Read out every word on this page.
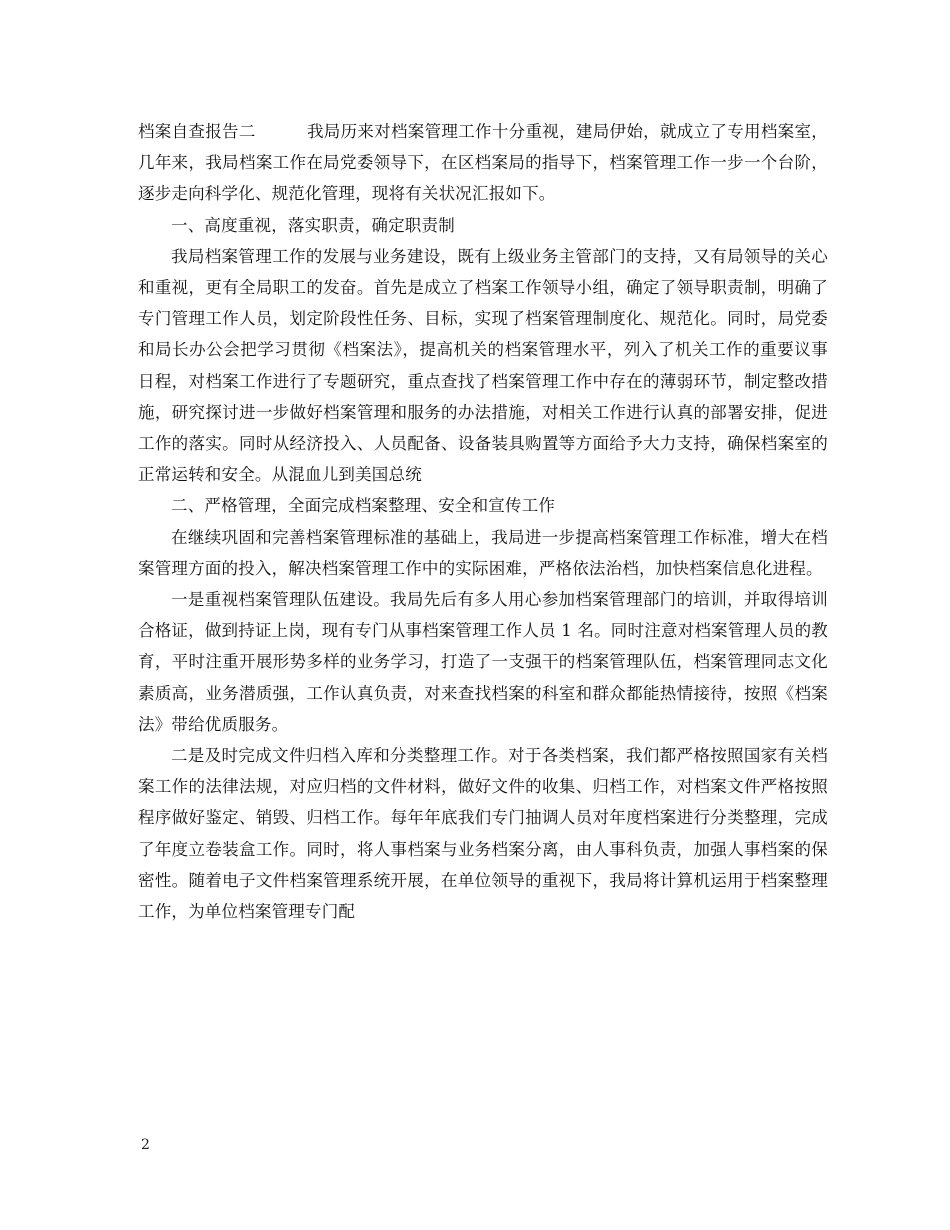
档案自查报告二	我局历来对档案管理工作十分重视，建局伊始，就成立了专用档案室，几年来，我局档案工作在局党委领导下，在区档案局的指导下，档案管理工作一步一个台阶，逐步走向科学化、规范化管理，现将有关状况汇报如下。

一、高度重视，落实职责，确定职责制

我局档案管理工作的发展与业务建设，既有上级业务主管部门的支持，又有局领导的关心和重视，更有全局职工的发奋。首先是成立了档案工作领导小组，确定了领导职责制，明确了专门管理工作人员，划定阶段性任务、目标，实现了档案管理制度化、规范化。同时，局党委和局长办公会把学习贯彻《档案法》，提高机关的档案管理水平，列入了机关工作的重要议事日程，对档案工作进行了专题研究，重点查找了档案管理工作中存在的薄弱环节，制定整改措施，研究探讨进一步做好档案管理和服务的办法措施，对相关工作进行认真的部署安排，促进工作的落实。同时从经济投入、人员配备、设备装具购置等方面给予大力支持，确保档案室的正常运转和安全。从混血儿到美国总统

二、严格管理，全面完成档案整理、安全和宣传工作

在继续巩固和完善档案管理标准的基础上，我局进一步提高档案管理工作标准，增大在档案管理方面的投入，解决档案管理工作中的实际困难，严格依法治档，加快档案信息化进程。

一是重视档案管理队伍建设。我局先后有多人用心参加档案管理部门的培训，并取得培训合格证，做到持证上岗，现有专门从事档案管理工作人员 1 名。同时注意对档案管理人员的教育，平时注重开展形势多样的业务学习，打造了一支强干的档案管理队伍，档案管理同志文化素质高，业务潜质强，工作认真负责，对来查找档案的科室和群众都能热情接待，按照《档案法》带给优质服务。

二是及时完成文件归档入库和分类整理工作。对于各类档案，我们都严格按照国家有关档案工作的法律法规，对应归档的文件材料，做好文件的收集、归档工作，对档案文件严格按照程序做好鉴定、销毁、归档工作。每年年底我们专门抽调人员对年度档案进行分类整理，完成了年度立卷装盒工作。同时，将人事档案与业务档案分离，由人事科负责，加强人事档案的保密性。随着电子文件档案管理系统开展，在单位领导的重视下，我局将计算机运用于档案整理工作，为单位档案管理专门配

2
